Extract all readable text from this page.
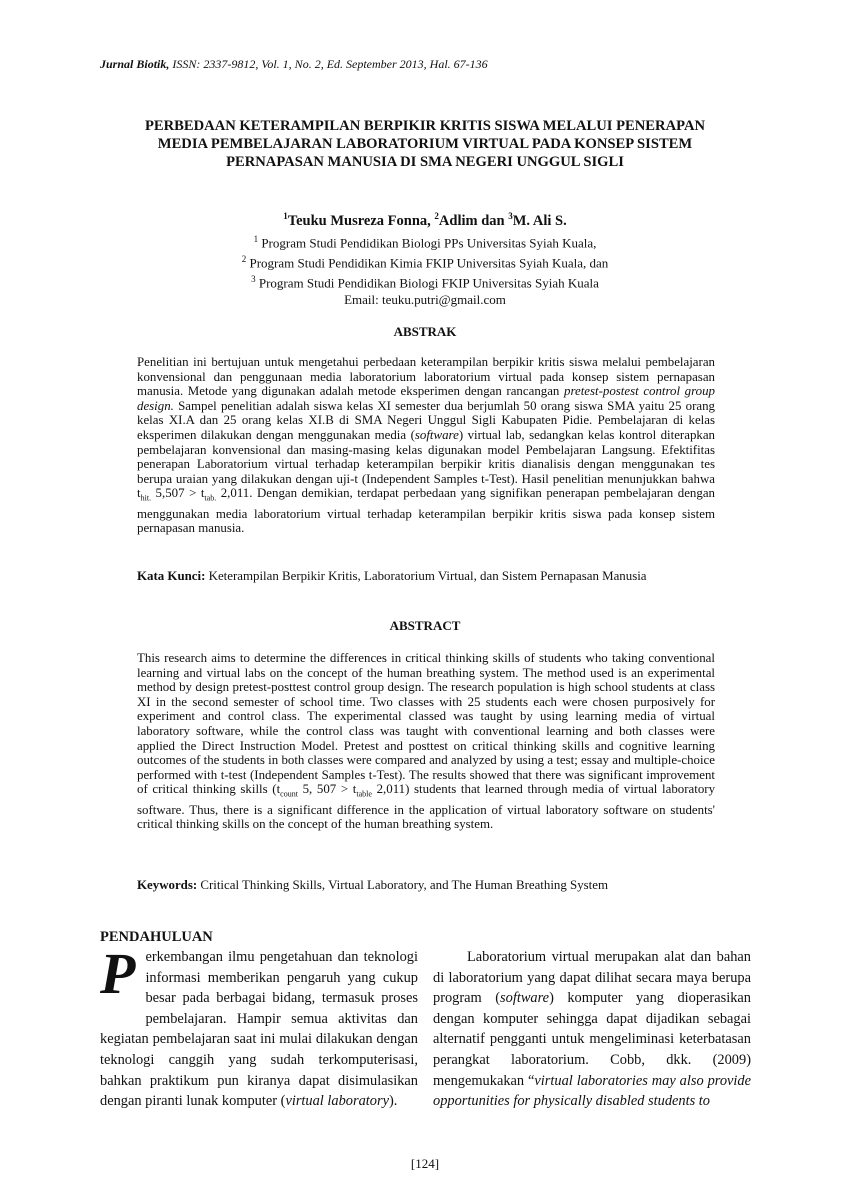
Jurnal Biotik, ISSN: 2337-9812, Vol. 1, No. 2, Ed. September 2013, Hal. 67-136
PERBEDAAN KETERAMPILAN BERPIKIR KRITIS SISWA MELALUI PENERAPAN
MEDIA PEMBELAJARAN LABORATORIUM VIRTUAL PADA KONSEP SISTEM
PERNAPASAN MANUSIA DI SMA NEGERI UNGGUL SIGLI
$^1$Teuku Musreza Fonna, $^2$Adlim dan $^3$M. Ali S.
$^1$ Program Studi Pendidikan Biologi PPs Universitas Syiah Kuala,
$^2$ Program Studi Pendidikan Kimia FKIP Universitas Syiah Kuala, dan
$^3$ Program Studi Pendidikan Biologi FKIP Universitas Syiah Kuala
Email: teuku.putri@gmail.com
ABSTRAK
Penelitian ini bertujuan untuk mengetahui perbedaan keterampilan berpikir kritis siswa melalui pembelajaran konvensional dan penggunaan media laboratorium laboratorium virtual pada konsep sistem pernapasan manusia. Metode yang digunakan adalah metode eksperimen dengan rancangan pretest-postest control group design. Sampel penelitian adalah siswa kelas XI semester dua berjumlah 50 orang siswa SMA yaitu 25 orang kelas XI.A dan 25 orang kelas XI.B di SMA Negeri Unggul Sigli Kabupaten Pidie. Pembelajaran di kelas eksperimen dilakukan dengan menggunakan media (software) virtual lab, sedangkan kelas kontrol diterapkan pembelajaran konvensional dan masing-masing kelas digunakan model Pembelajaran Langsung. Efektifitas penerapan Laboratorium virtual terhadap keterampilan berpikir kritis dianalisis dengan menggunakan tes berupa uraian yang dilakukan dengan uji-t (Independent Samples t-Test). Hasil penelitian menunjukkan bahwa $t_{hit.}$ $5,507 > t_{tab.}$ 2,011. Dengan demikian, terdapat perbedaan yang signifikan penerapan pembelajaran dengan menggunakan media laboratorium virtual terhadap keterampilan berpikir kritis siswa pada konsep sistem pernapasan manusia.
Kata Kunci: Keterampilan Berpikir Kritis, Laboratorium Virtual, dan Sistem Pernapasan Manusia
ABSTRACT
This research aims to determine the differences in critical thinking skills of students who taking conventional learning and virtual labs on the concept of the human breathing system. The method used is an experimental method by design pretest-posttest control group design. The research population is high school students at class XI in the second semester of school time. Two classes with 25 students each were chosen purposively for experiment and control class. The experimental classed was taught by using learning media of virtual laboratory software, while the control class was taught with conventional learning and both classes were applied the Direct Instruction Model. Pretest and posttest on critical thinking skills and cognitive learning outcomes of the students in both classes were compared and analyzed by using a test; essay and multiple-choice performed with t-test (Independent Samples t-Test). The results showed that there was significant improvement of critical thinking skills ($t_{count}$ 5, $507 > t_{table}$ 2,011) students that learned through media of virtual laboratory software. Thus, there is a significant difference in the application of virtual laboratory software on students' critical thinking skills on the concept of the human breathing system.
Keywords: Critical Thinking Skills, Virtual Laboratory, and The Human Breathing System
PENDAHULUAN
Perkembangan ilmu pengetahuan dan teknologi informasi memberikan pengaruh yang cukup besar pada berbagai bidang, termasuk proses pembelajaran. Hampir semua aktivitas dan kegiatan pembelajaran saat ini mulai dilakukan dengan teknologi canggih yang sudah terkomputerisasi, bahkan praktikum pun kiranya dapat disimulasikan dengan piranti lunak komputer (virtual laboratory).
Laboratorium virtual merupakan alat dan bahan di laboratorium yang dapat dilihat secara maya berupa program (software) komputer yang dioperasikan dengan komputer sehingga dapat dijadikan sebagai alternatif pengganti untuk mengeliminasi keterbatasan perangkat laboratorium. Cobb, dkk. (2009) mengemukakan “virtual laboratories may also provide opportunities for physically disabled students to
[124]
